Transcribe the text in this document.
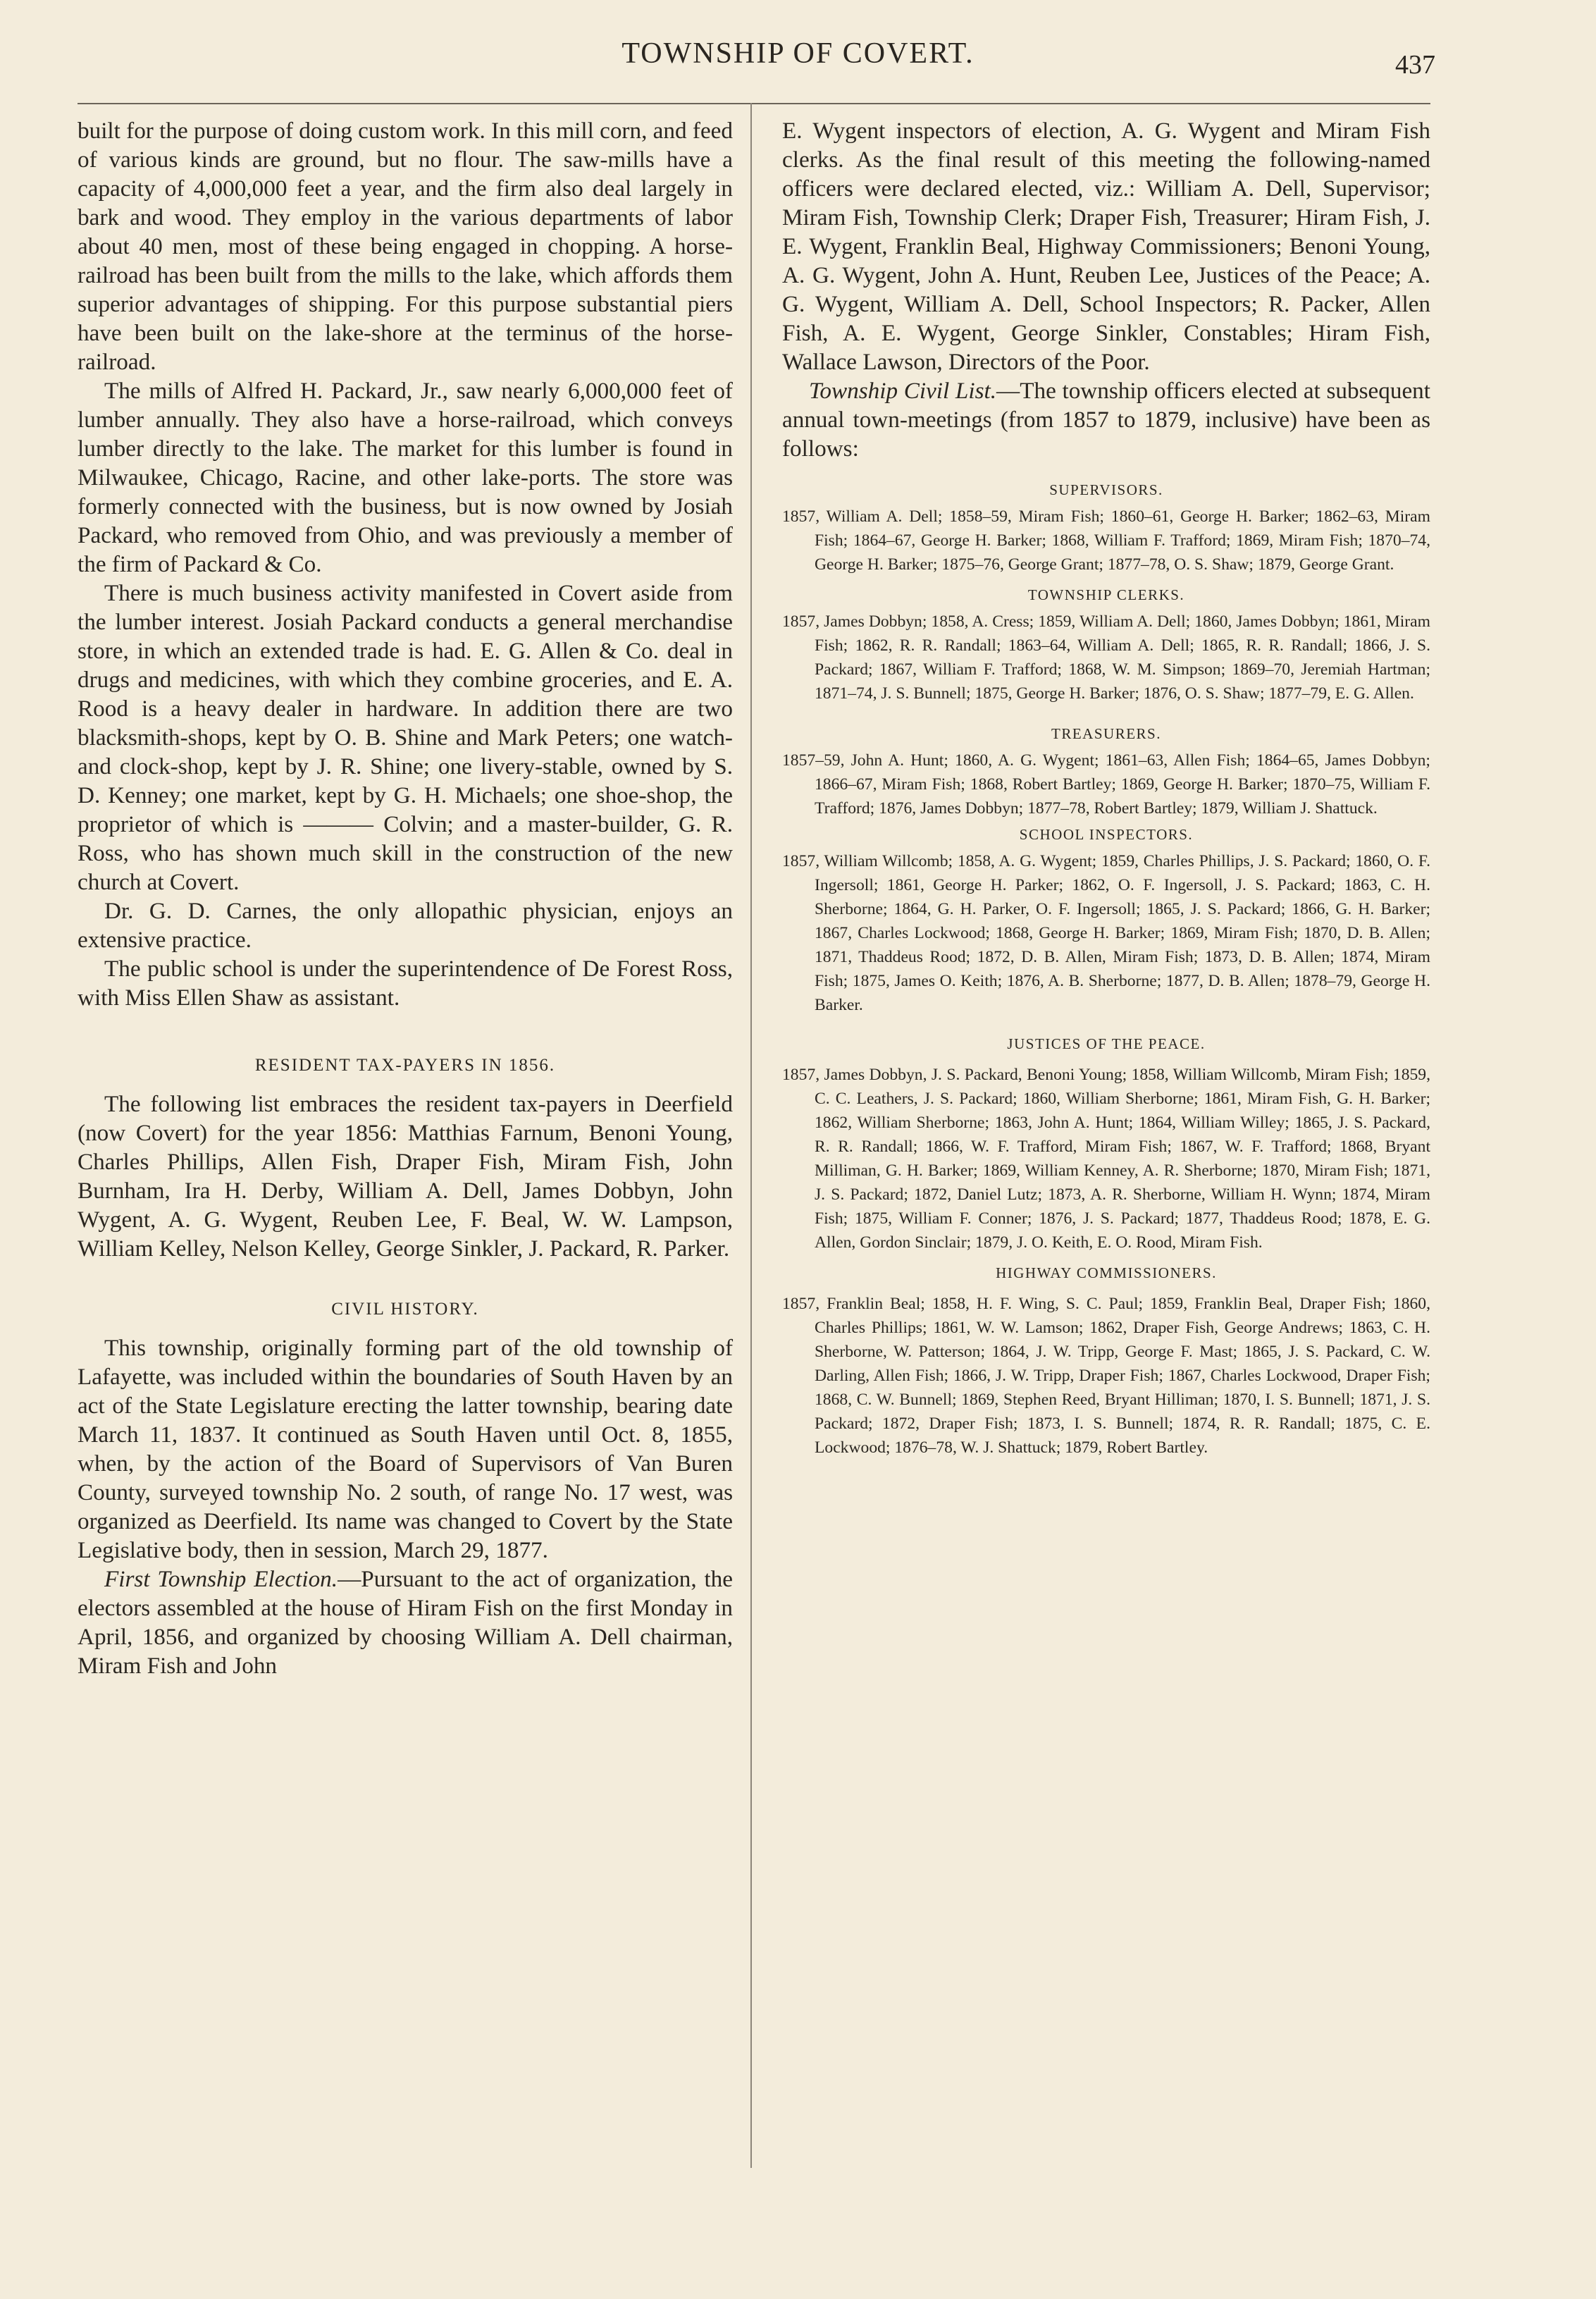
TOWNSHIP OF COVERT.	437

built for the purpose of doing custom work. In this mill corn, and feed of various kinds are ground, but no flour. The saw-mills have a capacity of 4,000,000 feet a year, and the firm also deal largely in bark and wood. They employ in the various departments of labor about 40 men, most of these being engaged in chopping. A horse-railroad has been built from the mills to the lake, which affords them superior advantages of shipping. For this purpose substantial piers have been built on the lake-shore at the terminus of the horse-railroad.

The mills of Alfred H. Packard, Jr., saw nearly 6,000,000 feet of lumber annually. They also have a horse-railroad, which conveys lumber directly to the lake. The market for this lumber is found in Milwaukee, Chicago, Racine, and other lake-ports. The store was formerly connected with the business, but is now owned by Josiah Packard, who removed from Ohio, and was previously a member of the firm of Packard & Co.

There is much business activity manifested in Covert aside from the lumber interest. Josiah Packard conducts a general merchandise store, in which an extended trade is had. E. G. Allen & Co. deal in drugs and medicines, with which they combine groceries, and E. A. Rood is a heavy dealer in hardware. In addition there are two blacksmith-shops, kept by O. B. Shine and Mark Peters; one watch- and clock-shop, kept by J. R. Shine; one livery-stable, owned by S. D. Kenney; one market, kept by G. H. Michaels; one shoe-shop, the proprietor of which is ——— Colvin; and a master-builder, G. R. Ross, who has shown much skill in the construction of the new church at Covert.

Dr. G. D. Carnes, the only allopathic physician, enjoys an extensive practice.

The public school is under the superintendence of De Forest Ross, with Miss Ellen Shaw as assistant.

RESIDENT TAX-PAYERS IN 1856.

The following list embraces the resident tax-payers in Deerfield (now Covert) for the year 1856: Matthias Farnum, Benoni Young, Charles Phillips, Allen Fish, Draper Fish, Miram Fish, John Burnham, Ira H. Derby, William A. Dell, James Dobbyn, John Wygent, A. G. Wygent, Reuben Lee, F. Beal, W. W. Lampson, William Kelley, Nelson Kelley, George Sinkler, J. Packard, R. Parker.

CIVIL HISTORY.

This township, originally forming part of the old township of Lafayette, was included within the boundaries of South Haven by an act of the State Legislature erecting the latter township, bearing date March 11, 1837. It continued as South Haven until Oct. 8, 1855, when, by the action of the Board of Supervisors of Van Buren County, surveyed township No. 2 south, of range No. 17 west, was organized as Deerfield. Its name was changed to Covert by the State Legislative body, then in session, March 29, 1877.

First Township Election.—Pursuant to the act of organization, the electors assembled at the house of Hiram Fish on the first Monday in April, 1856, and organized by choosing William A. Dell chairman, Miram Fish and John

E. Wygent inspectors of election, A. G. Wygent and Miram Fish clerks. As the final result of this meeting the following-named officers were declared elected, viz.: William A. Dell, Supervisor; Miram Fish, Township Clerk; Draper Fish, Treasurer; Hiram Fish, J. E. Wygent, Franklin Beal, Highway Commissioners; Benoni Young, A. G. Wygent, John A. Hunt, Reuben Lee, Justices of the Peace; A. G. Wygent, William A. Dell, School Inspectors; R. Packer, Allen Fish, A. E. Wygent, George Sinkler, Constables; Hiram Fish, Wallace Lawson, Directors of the Poor.

Township Civil List.—The township officers elected at subsequent annual town-meetings (from 1857 to 1879, inclusive) have been as follows:

SUPERVISORS.

1857, William A. Dell; 1858–59, Miram Fish; 1860–61, George H. Barker; 1862–63, Miram Fish; 1864–67, George H. Barker; 1868, William F. Trafford; 1869, Miram Fish; 1870–74, George H. Barker; 1875–76, George Grant; 1877–78, O. S. Shaw; 1879, George Grant.

TOWNSHIP CLERKS.

1857, James Dobbyn; 1858, A. Cress; 1859, William A. Dell; 1860, James Dobbyn; 1861, Miram Fish; 1862, R. R. Randall; 1863–64, William A. Dell; 1865, R. R. Randall; 1866, J. S. Packard; 1867, William F. Trafford; 1868, W. M. Simpson; 1869–70, Jeremiah Hartman; 1871–74, J. S. Bunnell; 1875, George H. Barker; 1876, O. S. Shaw; 1877–79, E. G. Allen.

TREASURERS.

1857–59, John A. Hunt; 1860, A. G. Wygent; 1861–63, Allen Fish; 1864–65, James Dobbyn; 1866–67, Miram Fish; 1868, Robert Bartley; 1869, George H. Barker; 1870–75, William F. Trafford; 1876, James Dobbyn; 1877–78, Robert Bartley; 1879, William J. Shattuck.

SCHOOL INSPECTORS.

1857, William Willcomb; 1858, A. G. Wygent; 1859, Charles Phillips, J. S. Packard; 1860, O. F. Ingersoll; 1861, George H. Parker; 1862, O. F. Ingersoll, J. S. Packard; 1863, C. H. Sherborne; 1864, G. H. Parker, O. F. Ingersoll; 1865, J. S. Packard; 1866, G. H. Barker; 1867, Charles Lockwood; 1868, George H. Barker; 1869, Miram Fish; 1870, D. B. Allen; 1871, Thaddeus Rood; 1872, D. B. Allen, Miram Fish; 1873, D. B. Allen; 1874, Miram Fish; 1875, James O. Keith; 1876, A. B. Sherborne; 1877, D. B. Allen; 1878–79, George H. Barker.

JUSTICES OF THE PEACE.

1857, James Dobbyn, J. S. Packard, Benoni Young; 1858, William Willcomb, Miram Fish; 1859, C. C. Leathers, J. S. Packard; 1860, William Sherborne; 1861, Miram Fish, G. H. Barker; 1862, William Sherborne; 1863, John A. Hunt; 1864, William Willey; 1865, J. S. Packard, R. R. Randall; 1866, W. F. Trafford, Miram Fish; 1867, W. F. Trafford; 1868, Bryant Milliman, G. H. Barker; 1869, William Kenney, A. R. Sherborne; 1870, Miram Fish; 1871, J. S. Packard; 1872, Daniel Lutz; 1873, A. R. Sherborne, William H. Wynn; 1874, Miram Fish; 1875, William F. Conner; 1876, J. S. Packard; 1877, Thaddeus Rood; 1878, E. G. Allen, Gordon Sinclair; 1879, J. O. Keith, E. O. Rood, Miram Fish.

HIGHWAY COMMISSIONERS.

1857, Franklin Beal; 1858, H. F. Wing, S. C. Paul; 1859, Franklin Beal, Draper Fish; 1860, Charles Phillips; 1861, W. W. Lamson; 1862, Draper Fish, George Andrews; 1863, C. H. Sherborne, W. Patterson; 1864, J. W. Tripp, George F. Mast; 1865, J. S. Packard, C. W. Darling, Allen Fish; 1866, J. W. Tripp, Draper Fish; 1867, Charles Lockwood, Draper Fish; 1868, C. W. Bunnell; 1869, Stephen Reed, Bryant Hilliman; 1870, I. S. Bunnell; 1871, J. S. Packard; 1872, Draper Fish; 1873, I. S. Bunnell; 1874, R. R. Randall; 1875, C. E. Lockwood; 1876–78, W. J. Shattuck; 1879, Robert Bartley.
